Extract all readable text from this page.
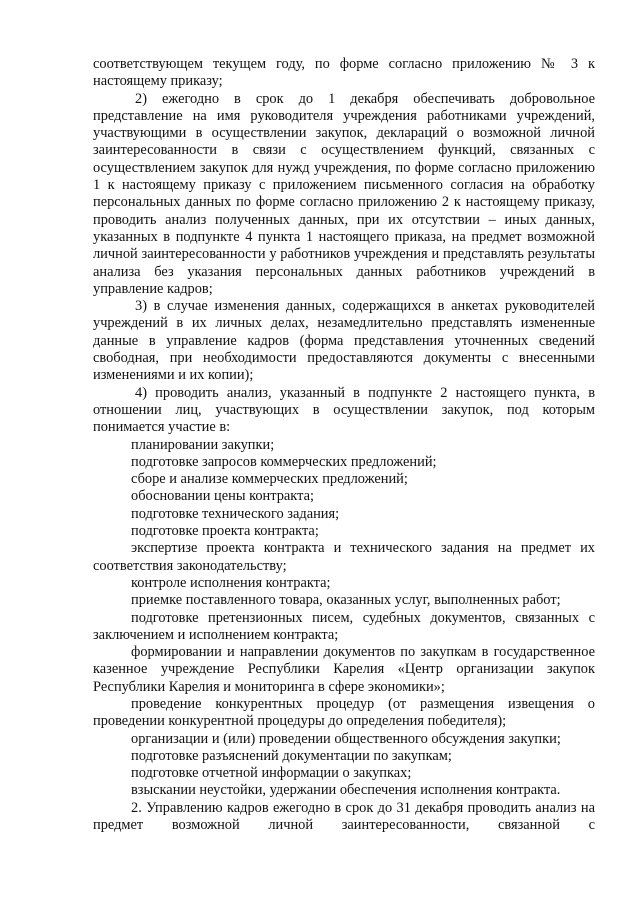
соответствующем текущем году, по форме согласно приложению № 3 к настоящему приказу;

2) ежегодно в срок до 1 декабря обеспечивать добровольное представление на имя руководителя учреждения работниками учреждений, участвующими в осуществлении закупок, деклараций о возможной личной заинтересованности в связи с осуществлением функций, связанных с осуществлением закупок для нужд учреждения, по форме согласно приложению 1 к настоящему приказу с приложением письменного согласия на обработку персональных данных по форме согласно приложению 2 к настоящему приказу, проводить анализ полученных данных, при их отсутствии – иных данных, указанных в подпункте 4 пункта 1 настоящего приказа, на предмет возможной личной заинтересованности у работников учреждения и представлять результаты анализа без указания персональных данных работников учреждений в управление кадров;

3) в случае изменения данных, содержащихся в анкетах руководителей учреждений в их личных делах, незамедлительно представлять измененные данные в управление кадров (форма представления уточненных сведений свободная, при необходимости предоставляются документы с внесенными изменениями и их копии);

4) проводить анализ, указанный в подпункте 2 настоящего пункта, в отношении лиц, участвующих в осуществлении закупок, под которым понимается участие в:

планировании закупки;

подготовке запросов коммерческих предложений;

сборе и анализе коммерческих предложений;

обосновании цены контракта;

подготовке технического задания;

подготовке проекта контракта;

экспертизе проекта контракта и технического задания на предмет их соответствия законодательству;

контроле исполнения контракта;

приемке поставленного товара, оказанных услуг, выполненных работ;

подготовке претензионных писем, судебных документов, связанных с заключением и исполнением контракта;

формировании и направлении документов по закупкам в государственное казенное учреждение Республики Карелия «Центр организации закупок Республики Карелия и мониторинга в сфере экономики»;

проведение конкурентных процедур (от размещения извещения о проведении конкурентной процедуры до определения победителя);

организации и (или) проведении общественного обсуждения закупки;

подготовке разъяснений документации по закупкам;

подготовке отчетной информации о закупках;

взыскании неустойки, удержании обеспечения исполнения контракта.

2. Управлению кадров ежегодно в срок до 31 декабря проводить анализ на предмет возможной личной заинтересованности, связанной с
